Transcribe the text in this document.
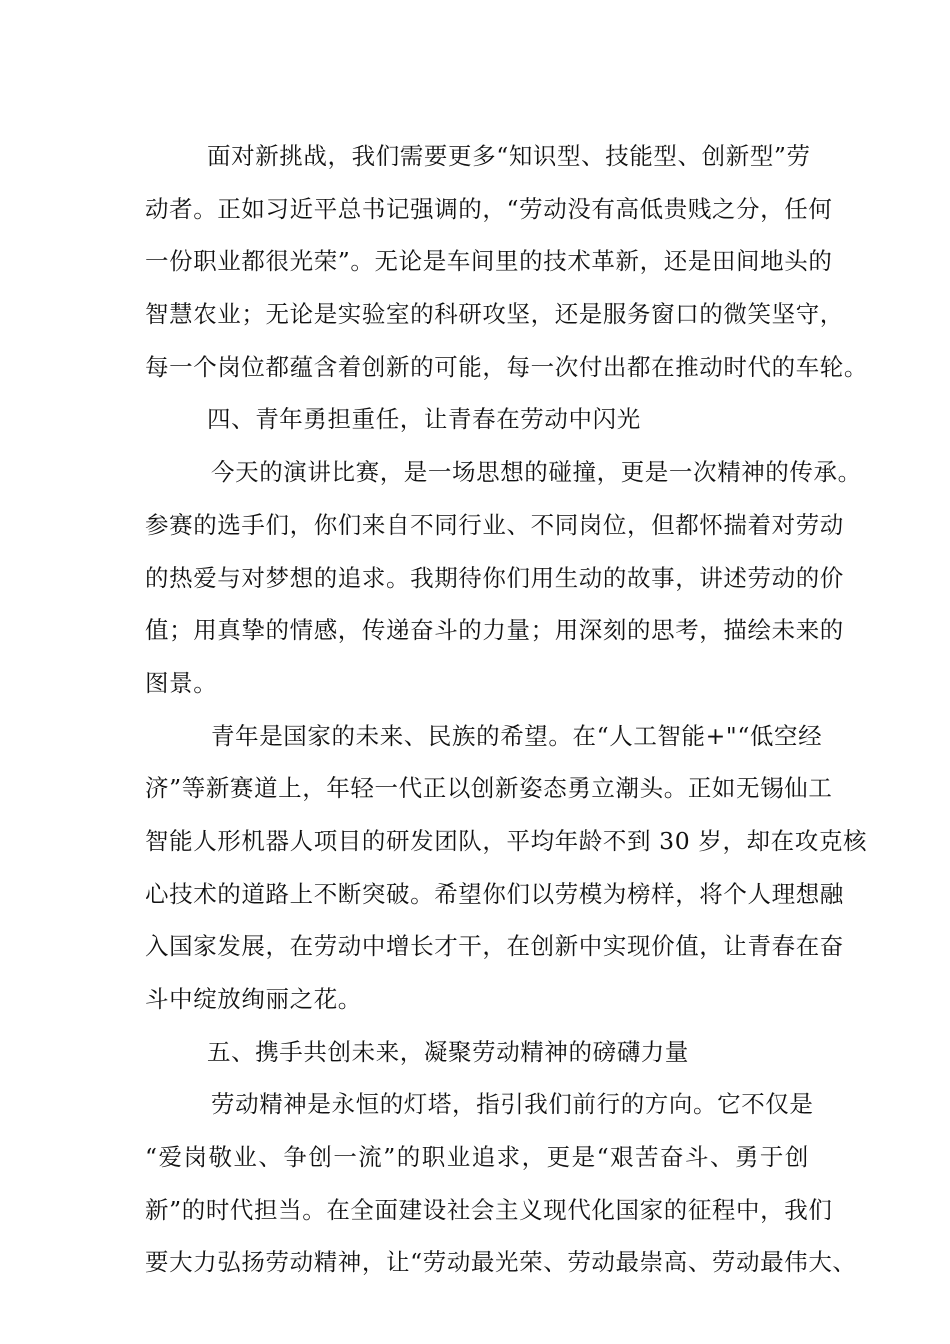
面对新挑战，我们需要更多“知识型、技能型、创新型”劳
动者。正如习近平总书记强调的，“劳动没有高低贵贱之分，任何
一份职业都很光荣”。无论是车间里的技术革新，还是田间地头的
智慧农业；无论是实验室的科研攻坚，还是服务窗口的微笑坚守，
每一个岗位都蕴含着创新的可能，每一次付出都在推动时代的车轮。
四、青年勇担重任，让青春在劳动中闪光
今天的演讲比赛，是一场思想的碰撞，更是一次精神的传承。
参赛的选手们，你们来自不同行业、不同岗位，但都怀揣着对劳动
的热爱与对梦想的追求。我期待你们用生动的故事，讲述劳动的价
值；用真挚的情感，传递奋斗的力量；用深刻的思考，描绘未来的
图景。
青年是国家的未来、民族的希望。在“人工智能+"“低空经
济”等新赛道上，年轻一代正以创新姿态勇立潮头。正如无锡仙工
智能人形机器人项目的研发团队，平均年龄不到 30 岁，却在攻克核
心技术的道路上不断突破。希望你们以劳模为榜样，将个人理想融
入国家发展，在劳动中增长才干，在创新中实现价值，让青春在奋
斗中绽放绚丽之花。
五、携手共创未来，凝聚劳动精神的磅礴力量
劳动精神是永恒的灯塔，指引我们前行的方向。它不仅是
“爱岗敬业、争创一流”的职业追求，更是“艰苦奋斗、勇于创
新”的时代担当。在全面建设社会主义现代化国家的征程中，我们
要大力弘扬劳动精神，让“劳动最光荣、劳动最崇高、劳动最伟大、
